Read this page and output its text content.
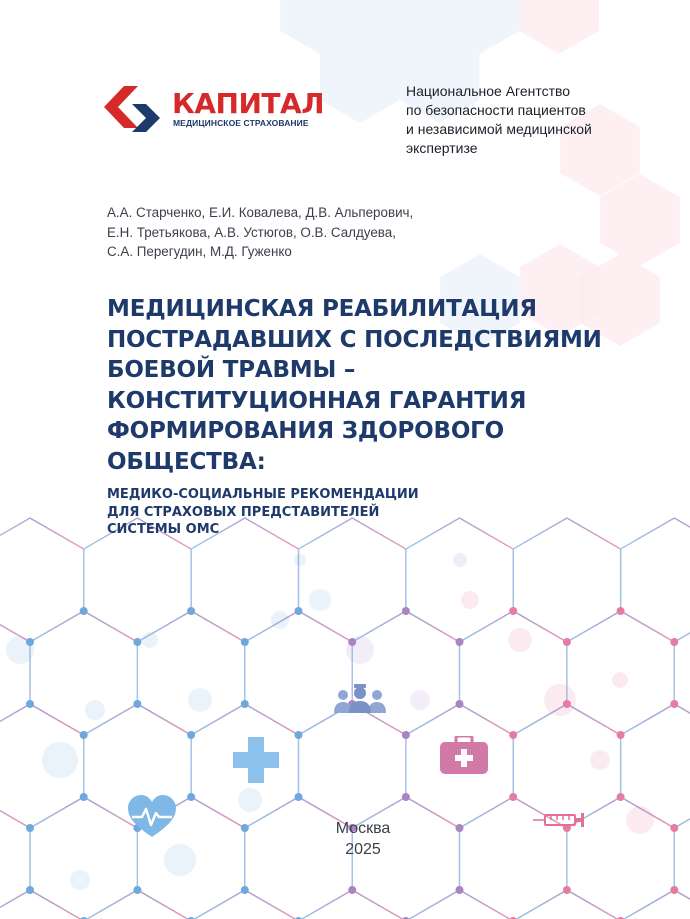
КАПИТАЛ
МЕДИЦИНСКОЕ СТРАХОВАНИЕ
Национальное Агентство
по безопасности пациентов
и независимой медицинской
экспертизе
А.А. Старченко, Е.И. Ковалева, Д.В. Альперович,
Е.Н. Третьякова, А.В. Устюгов, О.В. Салдуева,
С.А. Перегудин, М.Д. Гуженко
МЕДИЦИНСКАЯ РЕАБИЛИТАЦИЯ
ПОСТРАДАВШИХ С ПОСЛЕДСТВИЯМИ
БОЕВОЙ ТРАВМЫ –
КОНСТИТУЦИОННАЯ ГАРАНТИЯ
ФОРМИРОВАНИЯ ЗДОРОВОГО
ОБЩЕСТВА:
МЕДИКО-СОЦИАЛЬНЫЕ РЕКОМЕНДАЦИИ
ДЛЯ СТРАХОВЫХ ПРЕДСТАВИТЕЛЕЙ
СИСТЕМЫ ОМС
Москва
2025
